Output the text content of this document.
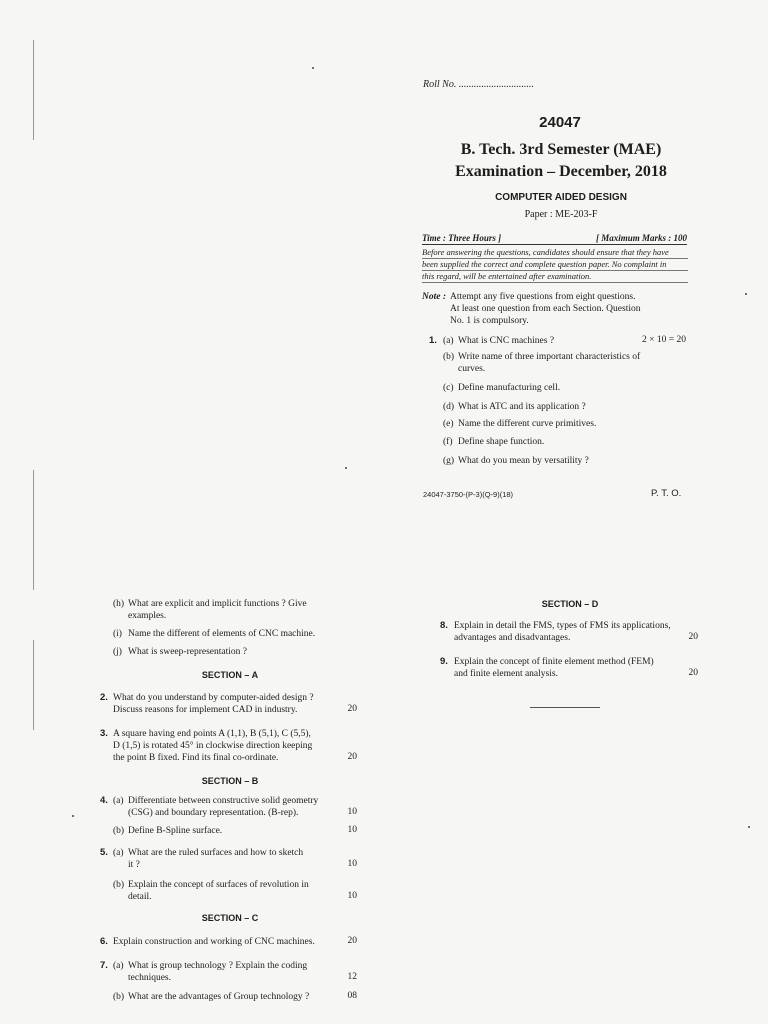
Roll No. ..............................
24047
B. Tech. 3rd Semester (MAE)
Examination – December, 2018
COMPUTER AIDED DESIGN
Paper : ME-203-F
Time : Three Hours ]	[ Maximum Marks : 100
Before answering the questions, candidates should ensure that they have
been supplied the correct and complete question paper. No complaint in
this regard, will be entertained after examination.
Note : Attempt any five questions from eight questions.
At least one question from each Section. Question
No. 1 is compulsory.
1.	2 × 10 = 20
(a) What is CNC machines ?
(b) Write name of three important characteristics of
curves.
(c) Define manufacturing cell.
(d) What is ATC and its application ?
(e) Name the different curve primitives.
(f) Define shape function.
(g) What do you mean by versatility ?
24047-3750-(P-3)(Q-9)(18)	P. T. O.
(h) What are explicit and implicit functions ? Give
examples.
(i) Name the different of elements of CNC machine.
(j) What is sweep-representation ?
SECTION – A
2. What do you understand by computer-aided design ?
Discuss reasons for implement CAD in industry.	20
3. A square having end points A (1,1), B (5,1), C (5,5),
D (1,5) is rotated 45° in clockwise direction keeping
the point B fixed. Find its final co-ordinate.	20
SECTION – B
4. (a) Differentiate between constructive solid geometry
(CSG) and boundary representation. (B-rep).	10
(b) Define B-Spline surface.	10
5. (a) What are the ruled surfaces and how to sketch
it ?	10
(b) Explain the concept of surfaces of revolution in
detail.	10
SECTION – C
6. Explain construction and working of CNC machines.	20
7. (a) What is group technology ? Explain the coding
techniques.	12
(b) What are the advantages of Group technology ?	08
SECTION – D
8. Explain in detail the FMS, types of FMS its applications,
advantages and disadvantages.	20
9. Explain the concept of finite element method (FEM)
and finite element analysis.	20
